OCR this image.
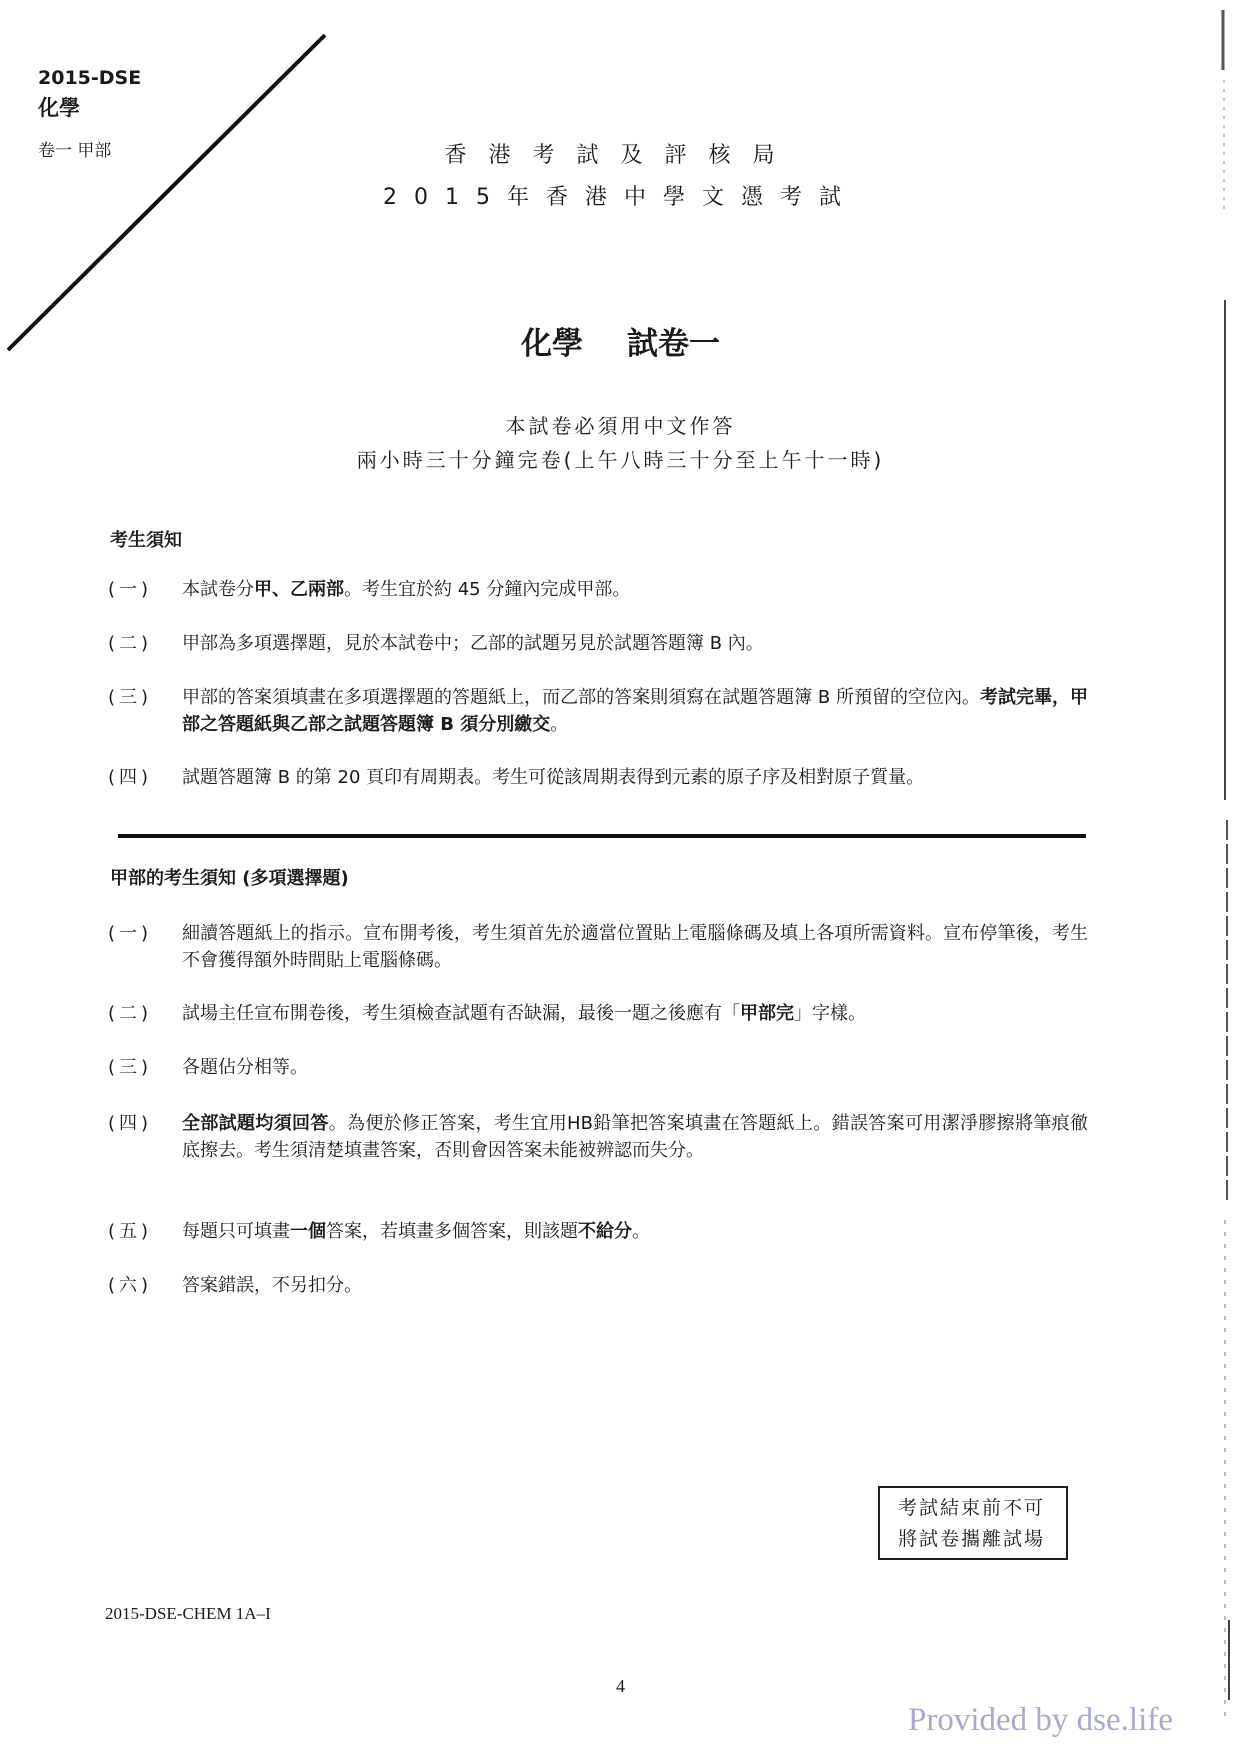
2015-DSE
化學
卷一 甲部	香港考試及評核局
2015年香港中學文憑考試
化學 試卷一
本試卷必須用中文作答
兩小時三十分鐘完卷(上午八時三十分至上午十一時)
考生須知
(一)	本試卷分甲、乙兩部。考生宜於約 45 分鐘內完成甲部。
(二)	甲部為多項選擇題，見於本試卷中；乙部的試題另見於試題答題簿 B 內。
(三)	甲部的答案須填畫在多項選擇題的答題紙上，而乙部的答案則須寫在試題答題簿 B 所預留的空位內。考試完畢，甲部之答題紙與乙部之試題答題簿 B 須分別繳交。
(四)	試題答題簿 B 的第 20 頁印有周期表。考生可從該周期表得到元素的原子序及相對原子質量。
甲部的考生須知 (多項選擇題)
(一)	細讀答題紙上的指示。宣布開考後，考生須首先於適當位置貼上電腦條碼及填上各項所需資料。宣布停筆後，考生不會獲得額外時間貼上電腦條碼。
(二)	試場主任宣布開卷後，考生須檢查試題有否缺漏，最後一題之後應有「甲部完」字樣。
(三)	各題佔分相等。
(四)	全部試題均須回答。為便於修正答案，考生宜用HB鉛筆把答案填畫在答題紙上。錯誤答案可用潔淨膠擦將筆痕徹底擦去。考生須清楚填畫答案，否則會因答案未能被辨認而失分。
(五)	每題只可填畫一個答案，若填畫多個答案，則該題不給分。
(六)	答案錯誤，不另扣分。
考試結束前不可
將試卷攜離試場
2015-DSE-CHEM 1A–I
4
Provided by dse.life
